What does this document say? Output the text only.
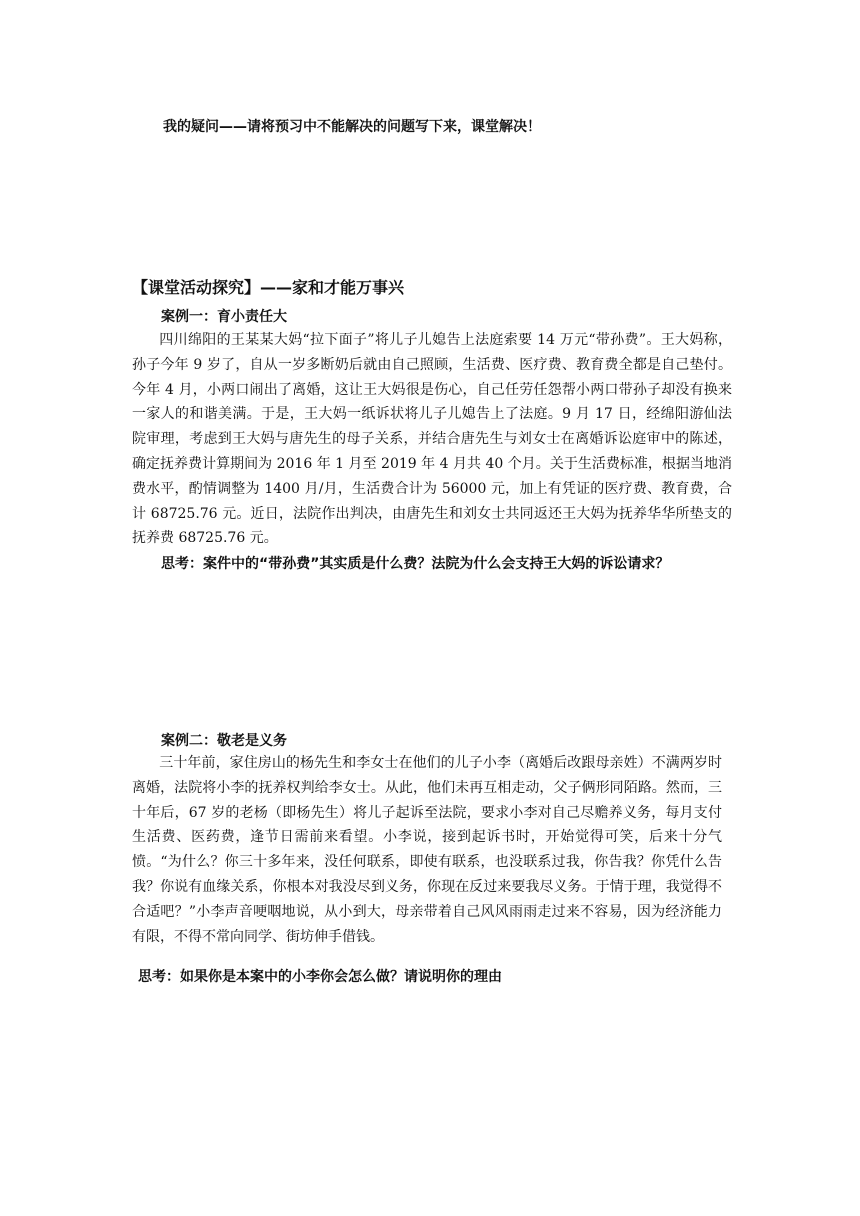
我的疑问——请将预习中不能解决的问题写下来，课堂解决！

【课堂活动探究】——家和才能万事兴

案例一：育小责任大

四川绵阳的王某某大妈“拉下面子”将儿子儿媳告上法庭索要 14 万元“带孙费”。王大妈称，孙子今年 9 岁了，自从一岁多断奶后就由自己照顾，生活费、医疗费、教育费全都是自己垫付。今年 4 月，小两口闹出了离婚，这让王大妈很是伤心，自己任劳任怨帮小两口带孙子却没有换来一家人的和谐美满。于是，王大妈一纸诉状将儿子儿媳告上了法庭。9 月 17 日，经绵阳游仙法院审理，考虑到王大妈与唐先生的母子关系，并结合唐先生与刘女士在离婚诉讼庭审中的陈述，确定抚养费计算期间为 2016 年 1 月至 2019 年 4 月共 40 个月。关于生活费标准，根据当地消费水平，酌情调整为 1400 月/月，生活费合计为 56000 元，加上有凭证的医疗费、教育费，合计 68725.76 元。近日，法院作出判决，由唐先生和刘女士共同返还王大妈为抚养华华所垫支的抚养费 68725.76 元。

思考：案件中的“带孙费”其实质是什么费？法院为什么会支持王大妈的诉讼请求？

案例二：敬老是义务

三十年前，家住房山的杨先生和李女士在他们的儿子小李（离婚后改跟母亲姓）不满两岁时离婚，法院将小李的抚养权判给李女士。从此，他们未再互相走动，父子俩形同陌路。然而，三十年后，67 岁的老杨（即杨先生）将儿子起诉至法院，要求小李对自己尽赡养义务，每月支付生活费、医药费，逢节日需前来看望。小李说，接到起诉书时，开始觉得可笑，后来十分气愤。“为什么？你三十多年来，没任何联系，即使有联系，也没联系过我，你告我？你凭什么告我？你说有血缘关系，你根本对我没尽到义务，你现在反过来要我尽义务。于情于理，我觉得不合适吧？”小李声音哽咽地说，从小到大，母亲带着自己风风雨雨走过来不容易，因为经济能力有限，不得不常向同学、街坊伸手借钱。

思考：如果你是本案中的小李你会怎么做？请说明你的理由
